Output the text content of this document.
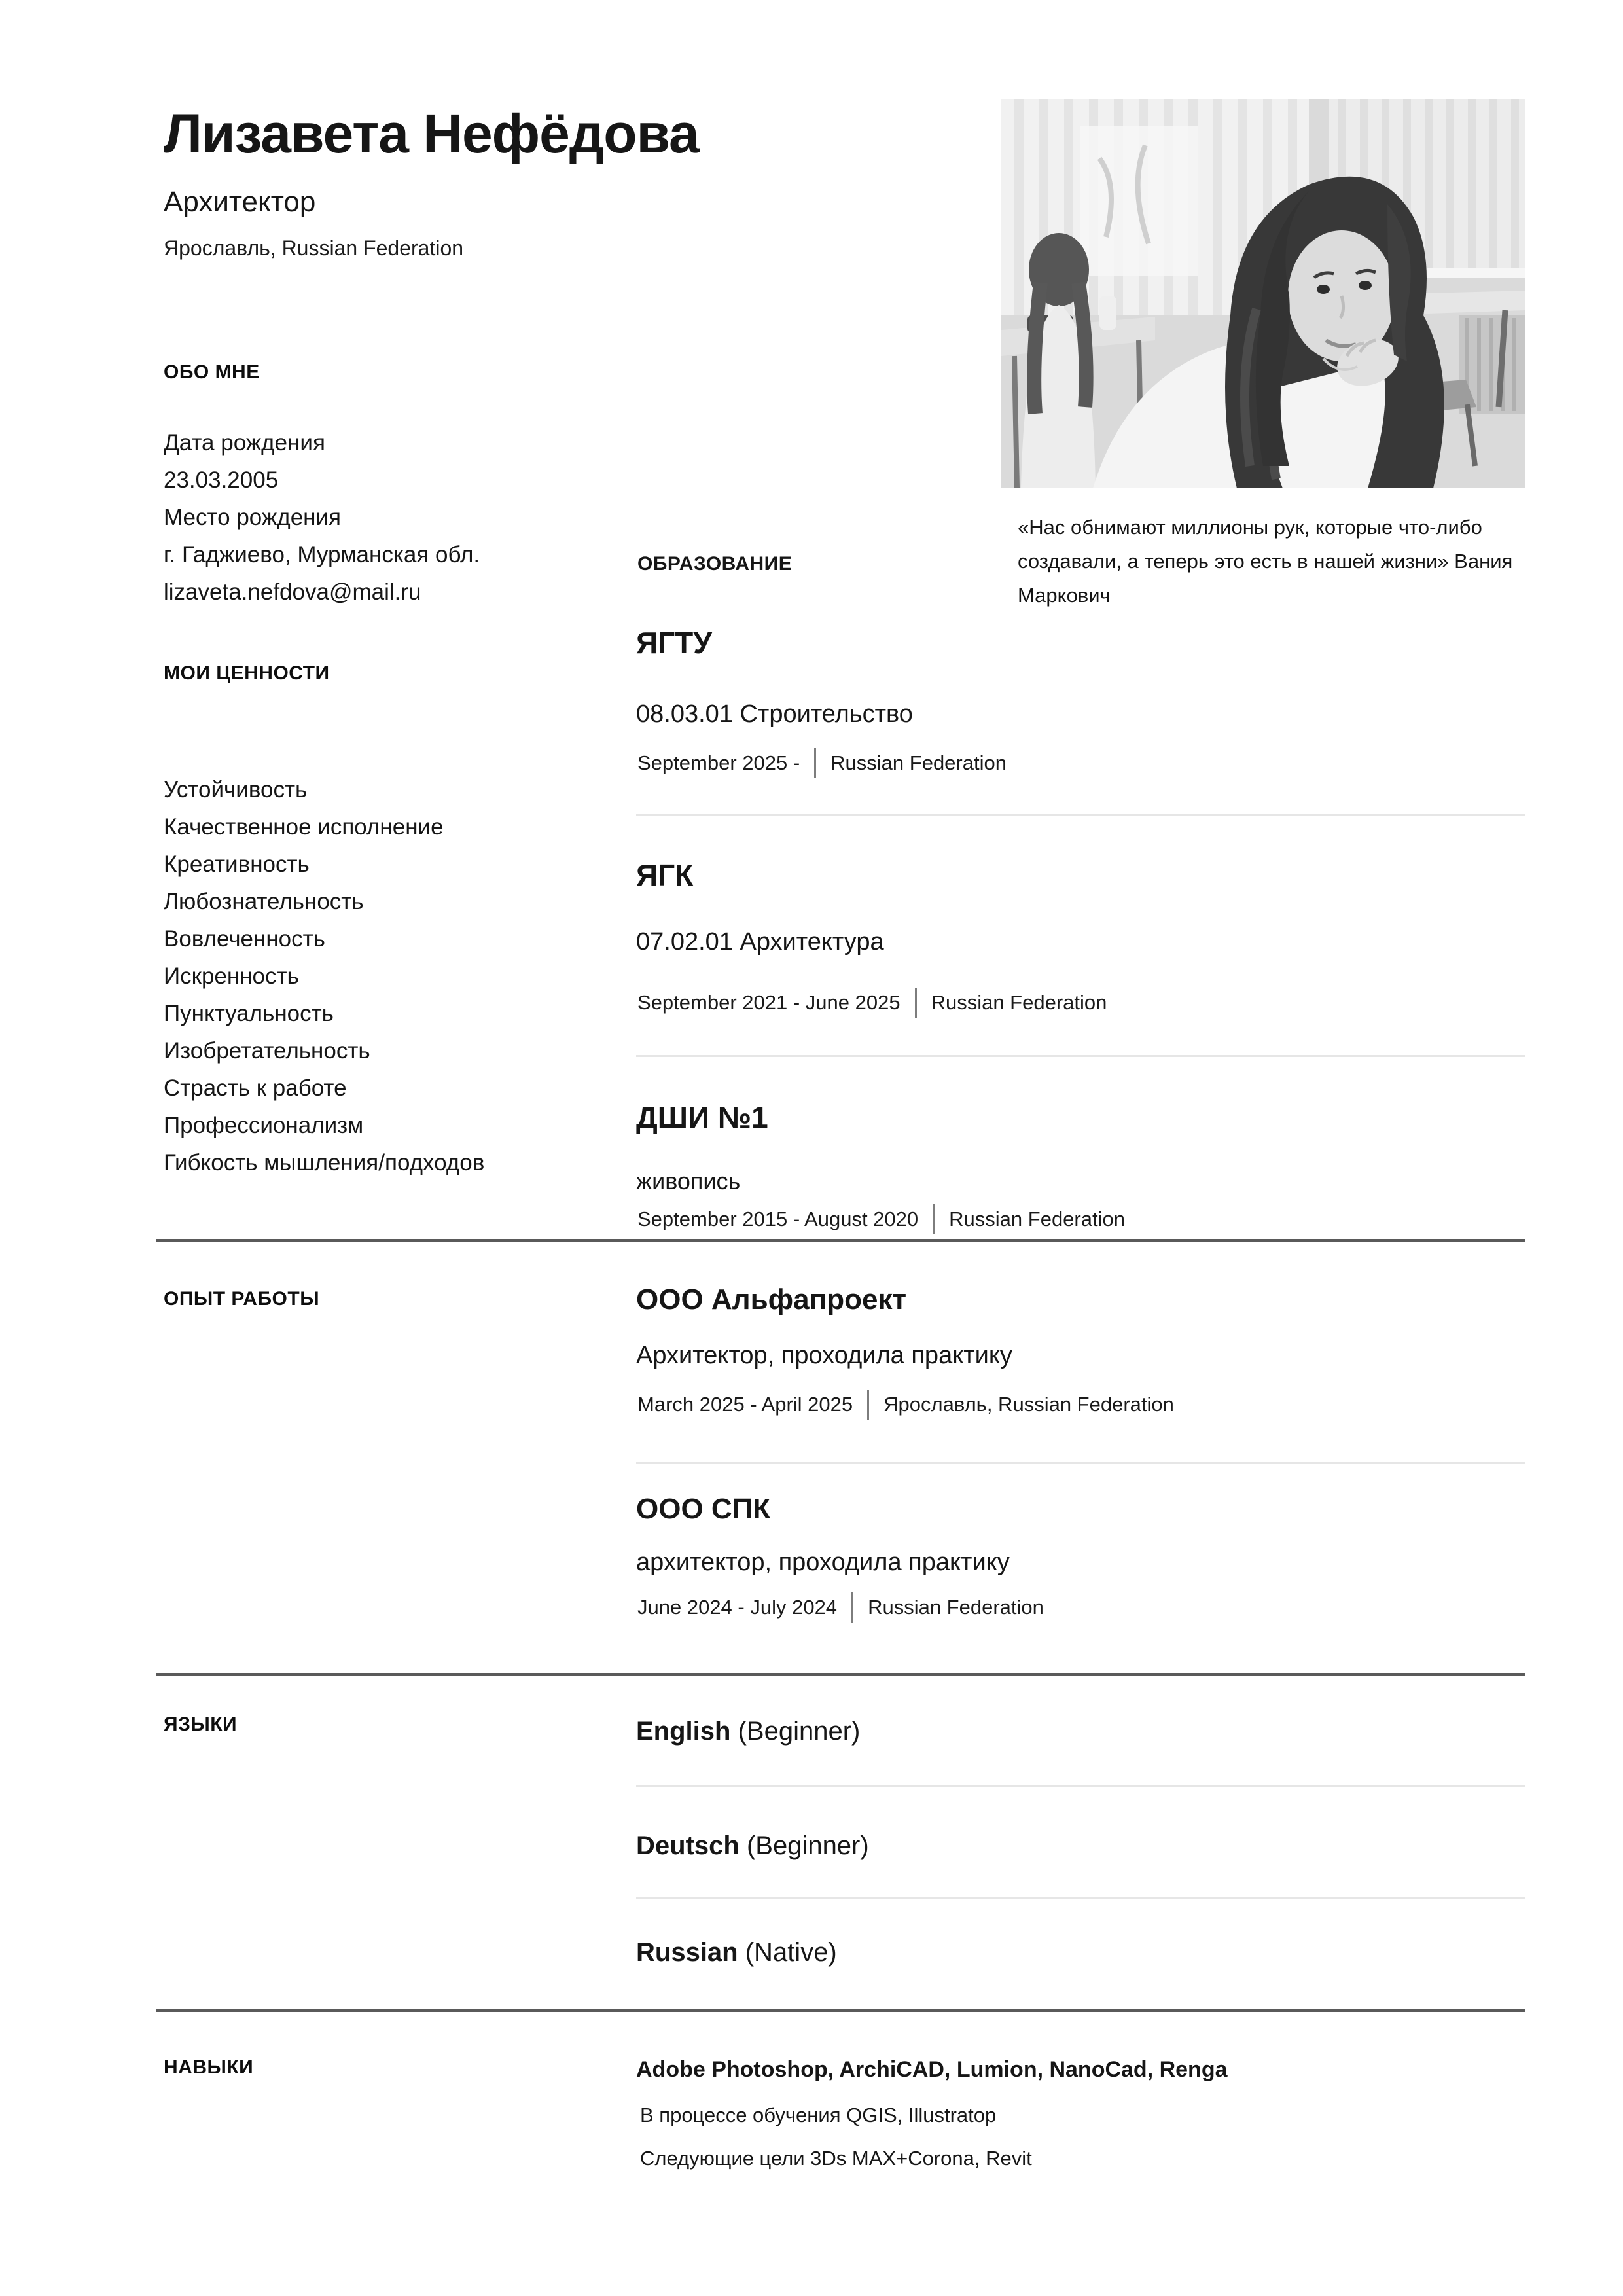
Лизавета Нефёдова
Архитектор
Ярославль, Russian Federation
«Нас обнимают миллионы рук, которые что-либо создавали, а теперь это есть в нашей жизни» Вания Маркович
ОБО МНЕ
МОИ ЦЕННОСТИ
ОПЫТ РАБОТЫ
ЯЗЫКИ
НАВЫКИ
Дата рождения
23.03.2005
Место рождения
г. Гаджиево, Мурманская обл.
lizaveta.nefdova@mail.ru
Устойчивость
Качественное исполнение
Креативность
Любознательность
Вовлеченность
Искренность
Пунктуальность
Изобретательность
Страсть к работе
Профессионализм
Гибкость мышления/подходов
ОБРАЗОВАНИЕ
ЯГТУ
08.03.01 Строительство
September 2025 - Russian Federation
ЯГК
07.02.01 Архитектура
September 2021 - June 2025 Russian Federation
ДШИ №1
живопись
September 2015 - August 2020 Russian Federation
ООО Альфапроект
Архитектор, проходила практику
March 2025 - April 2025 Ярославль, Russian Federation
ООО СПК
архитектор, проходила практику
June 2024 - July 2024 Russian Federation
English (Beginner)
Deutsch (Beginner)
Russian (Native)
Adobe Photoshop, ArchiCAD, Lumion, NanoCad, Renga
В процессе обучения QGIS, Illustratop
Следующие цели 3Ds MAX+Corona, Revit
